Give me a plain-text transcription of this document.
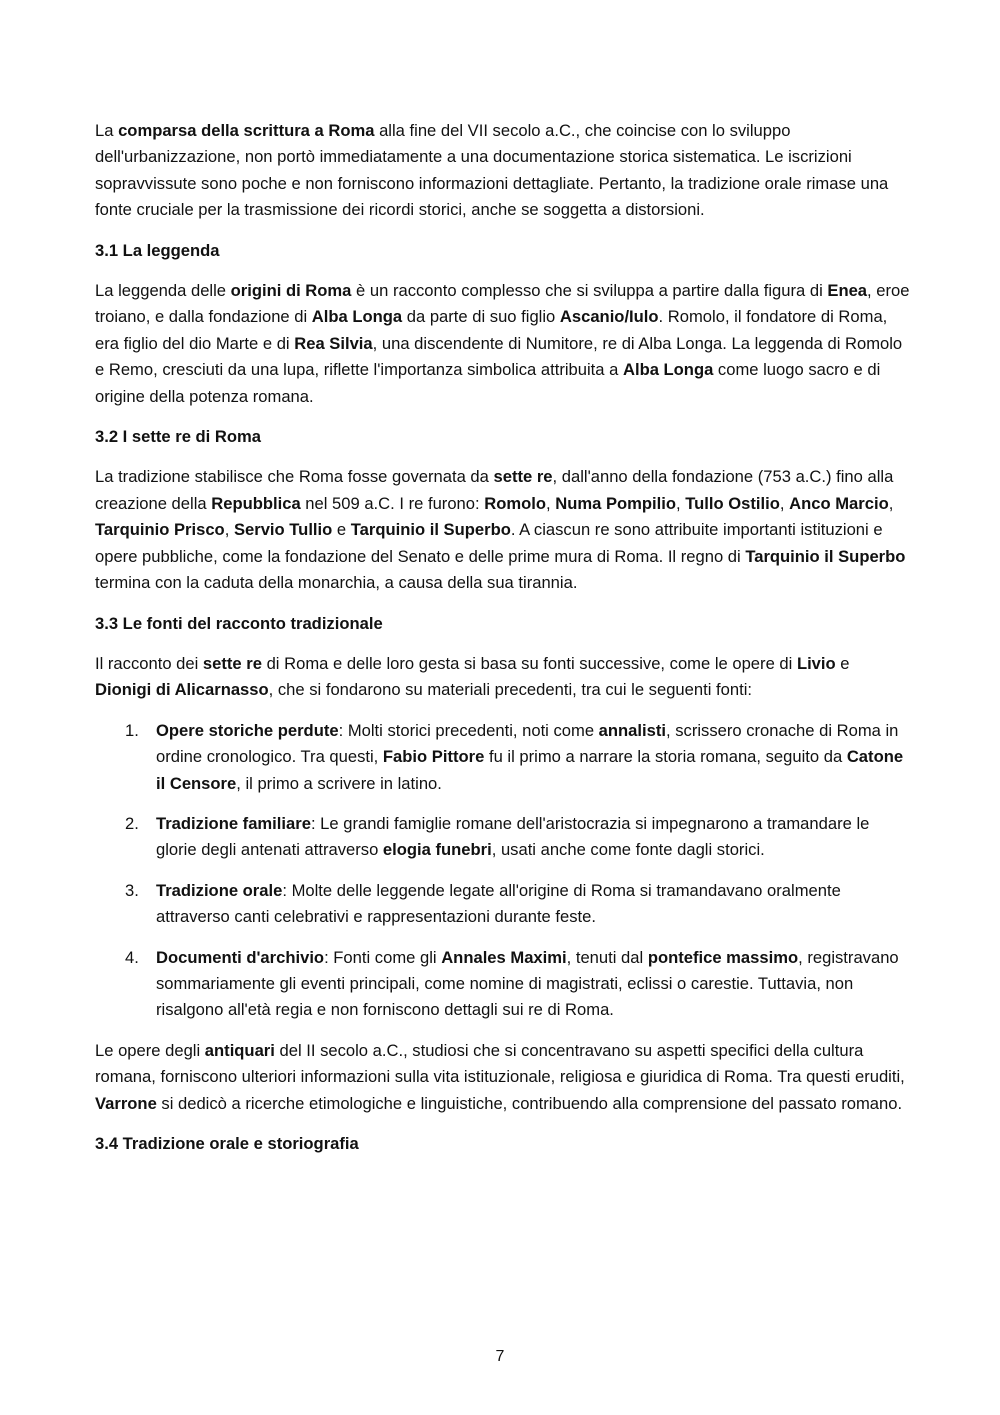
La comparsa della scrittura a Roma alla fine del VII secolo a.C., che coincise con lo sviluppo dell'urbanizzazione, non portò immediatamente a una documentazione storica sistematica. Le iscrizioni sopravvissute sono poche e non forniscono informazioni dettagliate. Pertanto, la tradizione orale rimase una fonte cruciale per la trasmissione dei ricordi storici, anche se soggetta a distorsioni.

3.1 La leggenda

La leggenda delle origini di Roma è un racconto complesso che si sviluppa a partire dalla figura di Enea, eroe troiano, e dalla fondazione di Alba Longa da parte di suo figlio Ascanio/Iulo. Romolo, il fondatore di Roma, era figlio del dio Marte e di Rea Silvia, una discendente di Numitore, re di Alba Longa. La leggenda di Romolo e Remo, cresciuti da una lupa, riflette l'importanza simbolica attribuita a Alba Longa come luogo sacro e di origine della potenza romana.

3.2 I sette re di Roma

La tradizione stabilisce che Roma fosse governata da sette re, dall'anno della fondazione (753 a.C.) fino alla creazione della Repubblica nel 509 a.C. I re furono: Romolo, Numa Pompilio, Tullo Ostilio, Anco Marcio, Tarquinio Prisco, Servio Tullio e Tarquinio il Superbo. A ciascun re sono attribuite importanti istituzioni e opere pubbliche, come la fondazione del Senato e delle prime mura di Roma. Il regno di Tarquinio il Superbo termina con la caduta della monarchia, a causa della sua tirannia.

3.3 Le fonti del racconto tradizionale

Il racconto dei sette re di Roma e delle loro gesta si basa su fonti successive, come le opere di Livio e Dionigi di Alicarnasso, che si fondarono su materiali precedenti, tra cui le seguenti fonti:

1. Opere storiche perdute: Molti storici precedenti, noti come annalisti, scrissero cronache di Roma in ordine cronologico. Tra questi, Fabio Pittore fu il primo a narrare la storia romana, seguito da Catone il Censore, il primo a scrivere in latino.
2. Tradizione familiare: Le grandi famiglie romane dell'aristocrazia si impegnarono a tramandare le glorie degli antenati attraverso elogia funebri, usati anche come fonte dagli storici.
3. Tradizione orale: Molte delle leggende legate all'origine di Roma si tramandavano oralmente attraverso canti celebrativi e rappresentazioni durante feste.
4. Documenti d'archivio: Fonti come gli Annales Maximi, tenuti dal pontefice massimo, registravano sommariamente gli eventi principali, come nomine di magistrati, eclissi o carestie. Tuttavia, non risalgono all'età regia e non forniscono dettagli sui re di Roma.

Le opere degli antiquari del II secolo a.C., studiosi che si concentravano su aspetti specifici della cultura romana, forniscono ulteriori informazioni sulla vita istituzionale, religiosa e giuridica di Roma. Tra questi eruditi, Varrone si dedicò a ricerche etimologiche e linguistiche, contribuendo alla comprensione del passato romano.

3.4 Tradizione orale e storiografia
7
